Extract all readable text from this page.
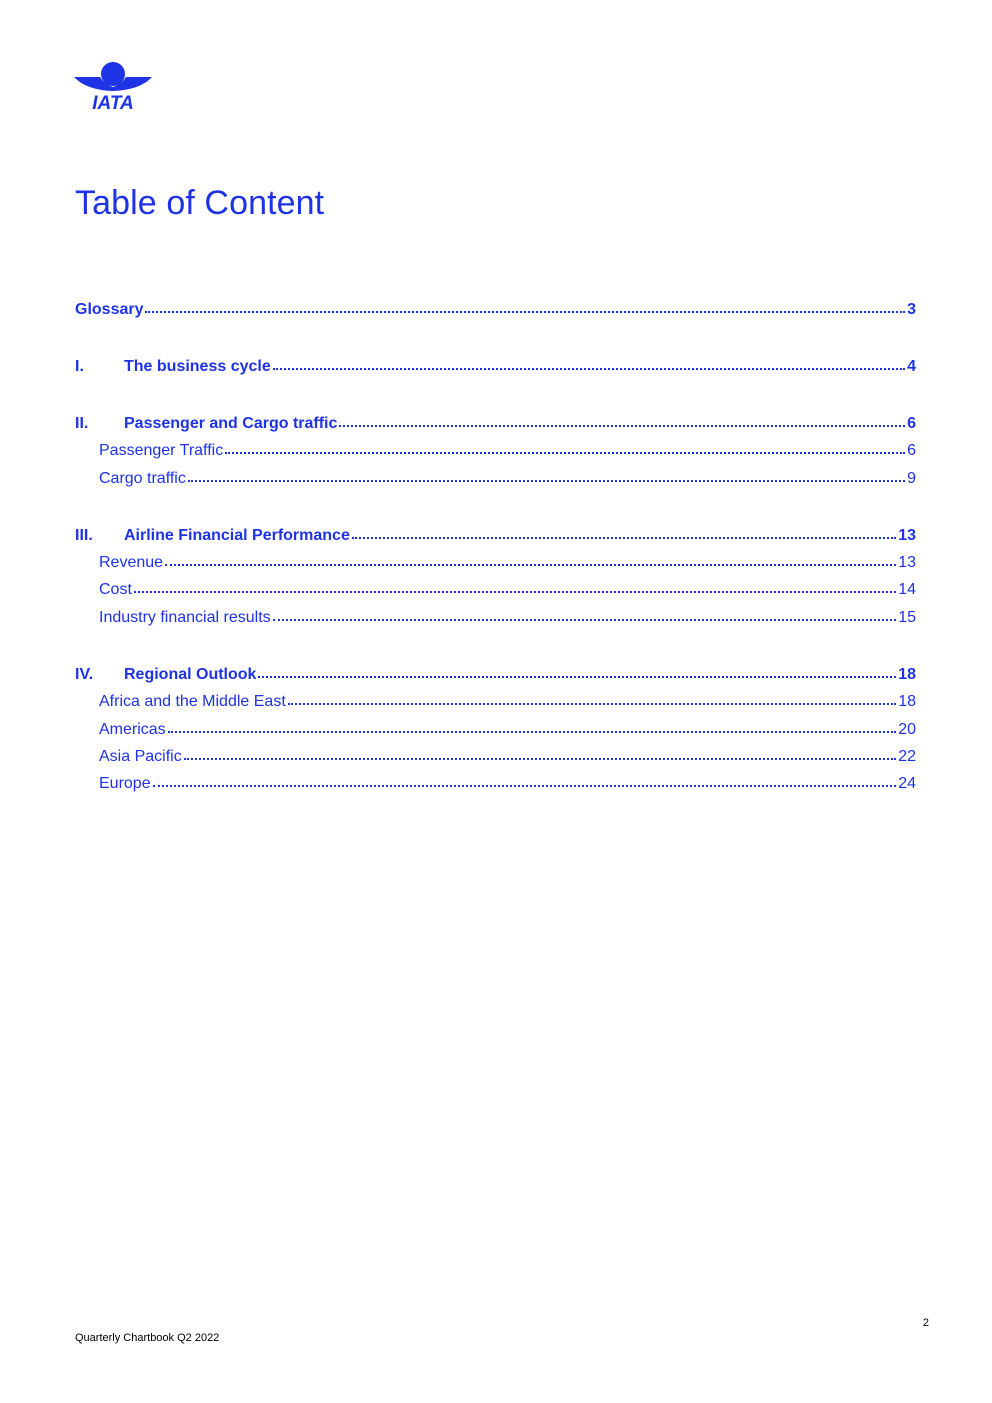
IATA
Table of Content
Glossary	3
I.	The business cycle	4
II.	Passenger and Cargo traffic	6
Passenger Traffic	6
Cargo traffic	9
III.	Airline Financial Performance	13
Revenue	13
Cost	14
Industry financial results	15
IV.	Regional Outlook	18
Africa and the Middle East	18
Americas	20
Asia Pacific	22
Europe	24
2
Quarterly Chartbook Q2 2022
